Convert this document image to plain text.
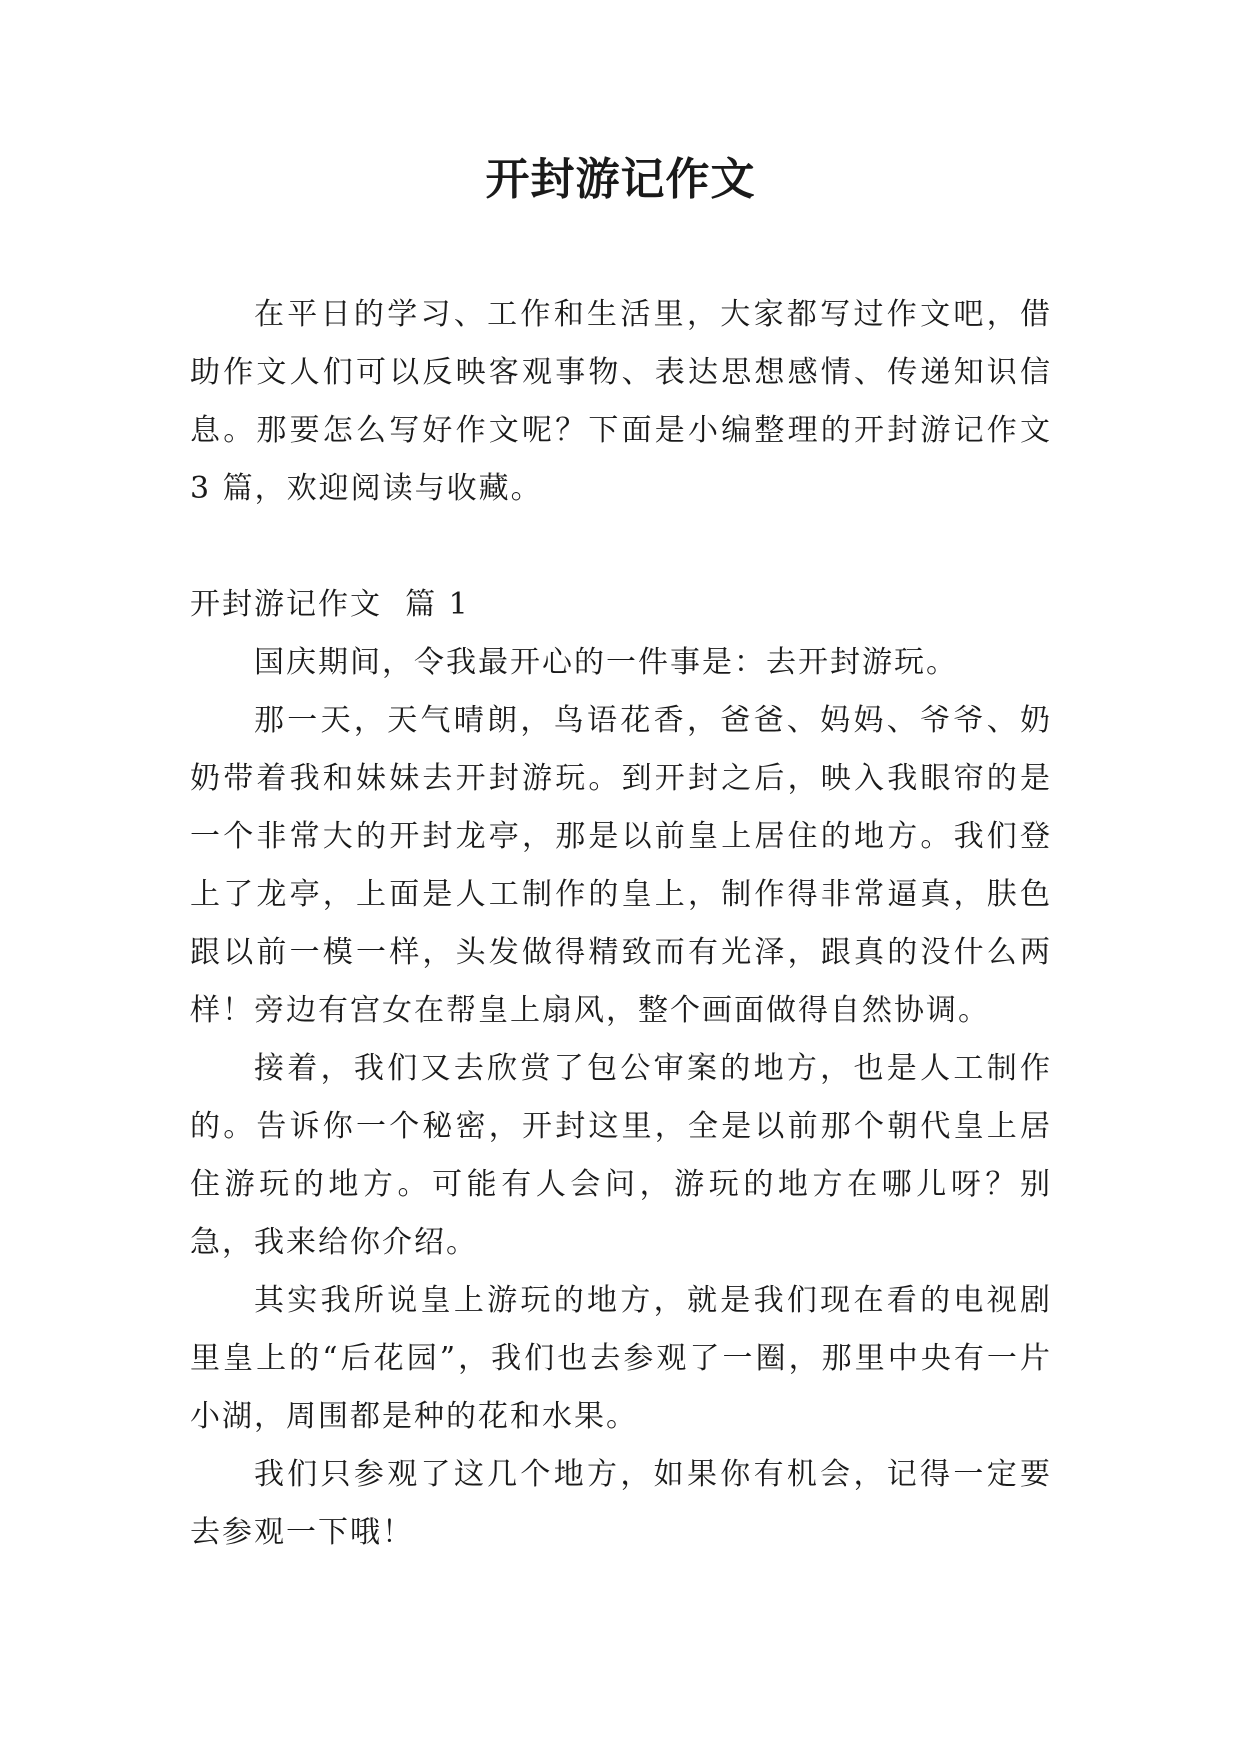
开封游记作文

在平日的学习、工作和生活里，大家都写过作文吧，借助作文人们可以反映客观事物、表达思想感情、传递知识信息。那要怎么写好作文呢？下面是小编整理的开封游记作文 3 篇，欢迎阅读与收藏。

开封游记作文  篇 1

国庆期间，令我最开心的一件事是：去开封游玩。

那一天，天气晴朗，鸟语花香，爸爸、妈妈、爷爷、奶奶带着我和妹妹去开封游玩。到开封之后，映入我眼帘的是一个非常大的开封龙亭，那是以前皇上居住的地方。我们登上了龙亭，上面是人工制作的皇上，制作得非常逼真，肤色跟以前一模一样，头发做得精致而有光泽，跟真的没什么两样！旁边有宫女在帮皇上扇风，整个画面做得自然协调。

接着，我们又去欣赏了包公审案的地方，也是人工制作的。告诉你一个秘密，开封这里，全是以前那个朝代皇上居住游玩的地方。可能有人会问，游玩的地方在哪儿呀？别急，我来给你介绍。

其实我所说皇上游玩的地方，就是我们现在看的电视剧里皇上的“后花园”，我们也去参观了一圈，那里中央有一片小湖，周围都是种的花和水果。

我们只参观了这几个地方，如果你有机会，记得一定要去参观一下哦！
